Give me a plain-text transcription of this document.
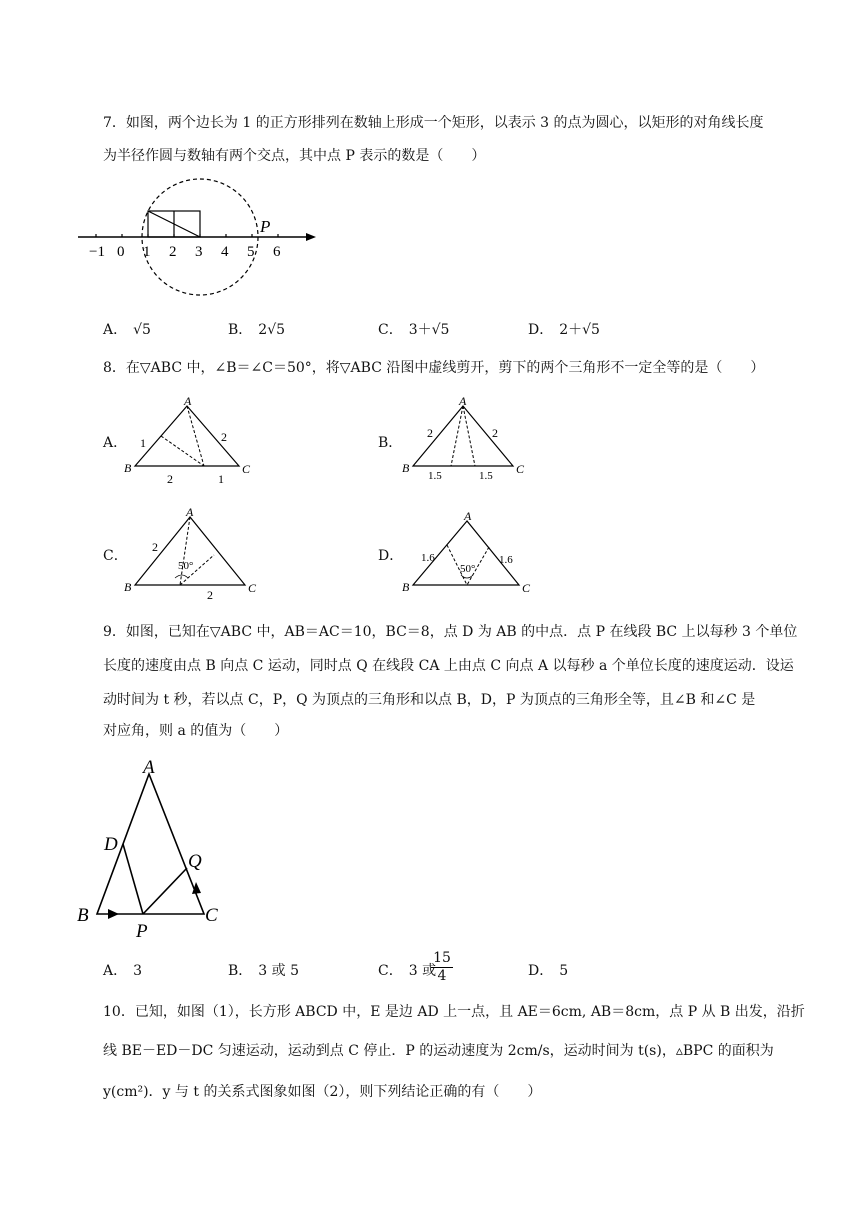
7．如图，两个边长为 1 的正方形排列在数轴上形成一个矩形，以表示 3 的点为圆心，以矩形的对角线长度
为半径作圆与数轴有两个交点，其中点 P 表示的数是（　　）
−1 0 1 2 3 4 5 6
P
A． √5	B． 2√5	C． 3＋√5	D． 2＋√5
8．在▽ABC 中，∠B＝∠C＝50°，将▽ABC 沿图中虚线剪开，剪下的两个三角形不一定全等的是（　　）
A．
A
B	C
1	2
2	1
B．
A
B	C
2	2
1.5	1.5
C．
A
B	C
2
50°
2
D．
A
B	C
1.6	1.6
50°
9．如图，已知在▽ABC 中，AB＝AC＝10，BC＝8，点 D 为 AB 的中点．点 P 在线段 BC 上以每秒 3 个单位
长度的速度由点 B 向点 C 运动，同时点 Q 在线段 CA 上由点 C 向点 A 以每秒 a 个单位长度的速度运动．设运
动时间为 t 秒，若以点 C，P，Q 为顶点的三角形和以点 B，D，P 为顶点的三角形全等，且∠B 和∠C 是
对应角，则 a 的值为（　　）
A
D
Q
B
P
C
A． 3	B． 3 或 5	C． 3 或
$\frac{15}{4}$	D． 5
10．已知，如图（1），长方形 ABCD 中，E 是边 AD 上一点，且 AE＝6cm, AB＝8cm，点 P 从 B 出发，沿折
线 BE－ED－DC 匀速运动，运动到点 C 停止．P 的运动速度为 2cm/s，运动时间为 t(s)，▵BPC 的面积为
y(cm²)．y 与 t 的关系式图象如图（2），则下列结论正确的有（　　）
